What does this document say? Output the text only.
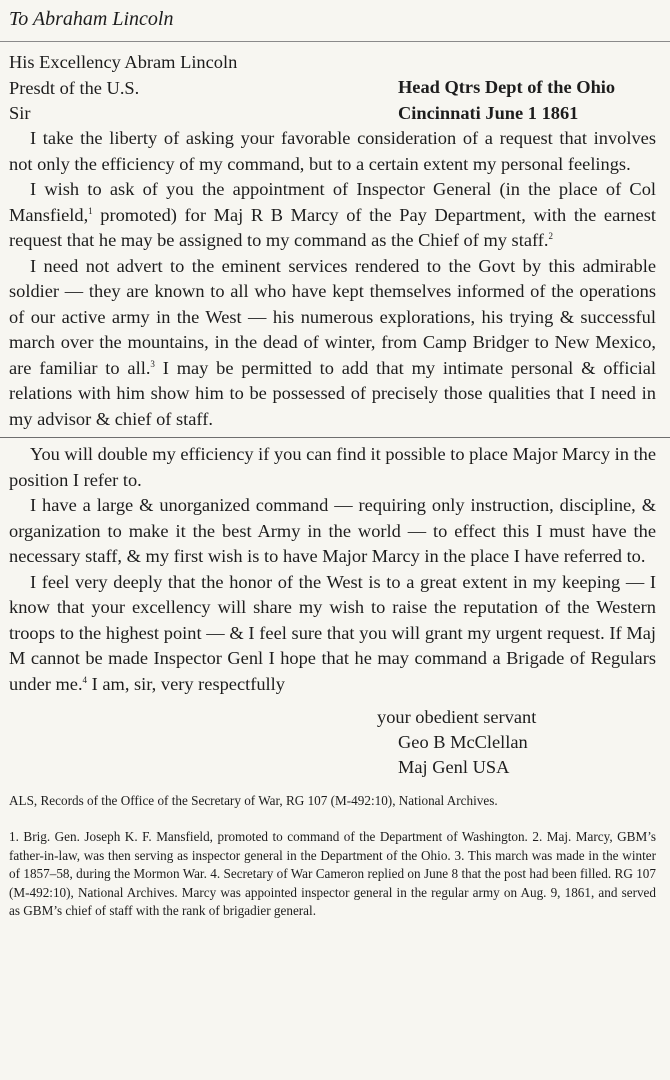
To Abraham Lincoln
His Excellency Abram Lincoln
Presdt of the U.S.
Sir
Head Qtrs Dept of the Ohio
Cincinnati June 1 1861

I take the liberty of asking your favorable consideration of a request that involves not only the efficiency of my command, but to a certain extent my personal feelings.

I wish to ask of you the appointment of Inspector General (in the place of Col Mansfield,$^1$ promoted) for Maj R B Marcy of the Pay Department, with the earnest request that he may be assigned to my command as the Chief of my staff.$^2$

I need not advert to the eminent services rendered to the Govt by this admirable soldier — they are known to all who have kept themselves informed of the operations of our active army in the West — his numerous explorations, his trying & successful march over the mountains, in the dead of winter, from Camp Bridger to New Mexico, are familiar to all.$^3$ I may be permitted to add that my intimate personal & official relations with him show him to be possessed of precisely those qualities that I need in my advisor & chief of staff.

You will double my efficiency if you can find it possible to place Major Marcy in the position I refer to.

I have a large & unorganized command — requiring only instruction, discipline, & organization to make it the best Army in the world — to effect this I must have the necessary staff, & my first wish is to have Major Marcy in the place I have referred to.

I feel very deeply that the honor of the West is to a great extent in my keeping — I know that your excellency will share my wish to raise the reputation of the Western troops to the highest point — & I feel sure that you will grant my urgent request. If Maj M cannot be made Inspector Genl I hope that he may command a Brigade of Regulars under me.$^4$ I am, sir, very respectfully

your obedient servant
Geo B McClellan
Maj Genl USA
ALS, Records of the Office of the Secretary of War, RG 107 (M-492:10), National Archives.
1. Brig. Gen. Joseph K. F. Mansfield, promoted to command of the Department of Washington. 2. Maj. Marcy, GBM’s father-in-law, was then serving as inspector general in the Department of the Ohio. 3. This march was made in the winter of 1857–58, during the Mormon War. 4. Secretary of War Cameron replied on June 8 that the post had been filled. RG 107 (M-492:10), National Archives. Marcy was appointed inspector general in the regular army on Aug. 9, 1861, and served as GBM’s chief of staff with the rank of brigadier general.
